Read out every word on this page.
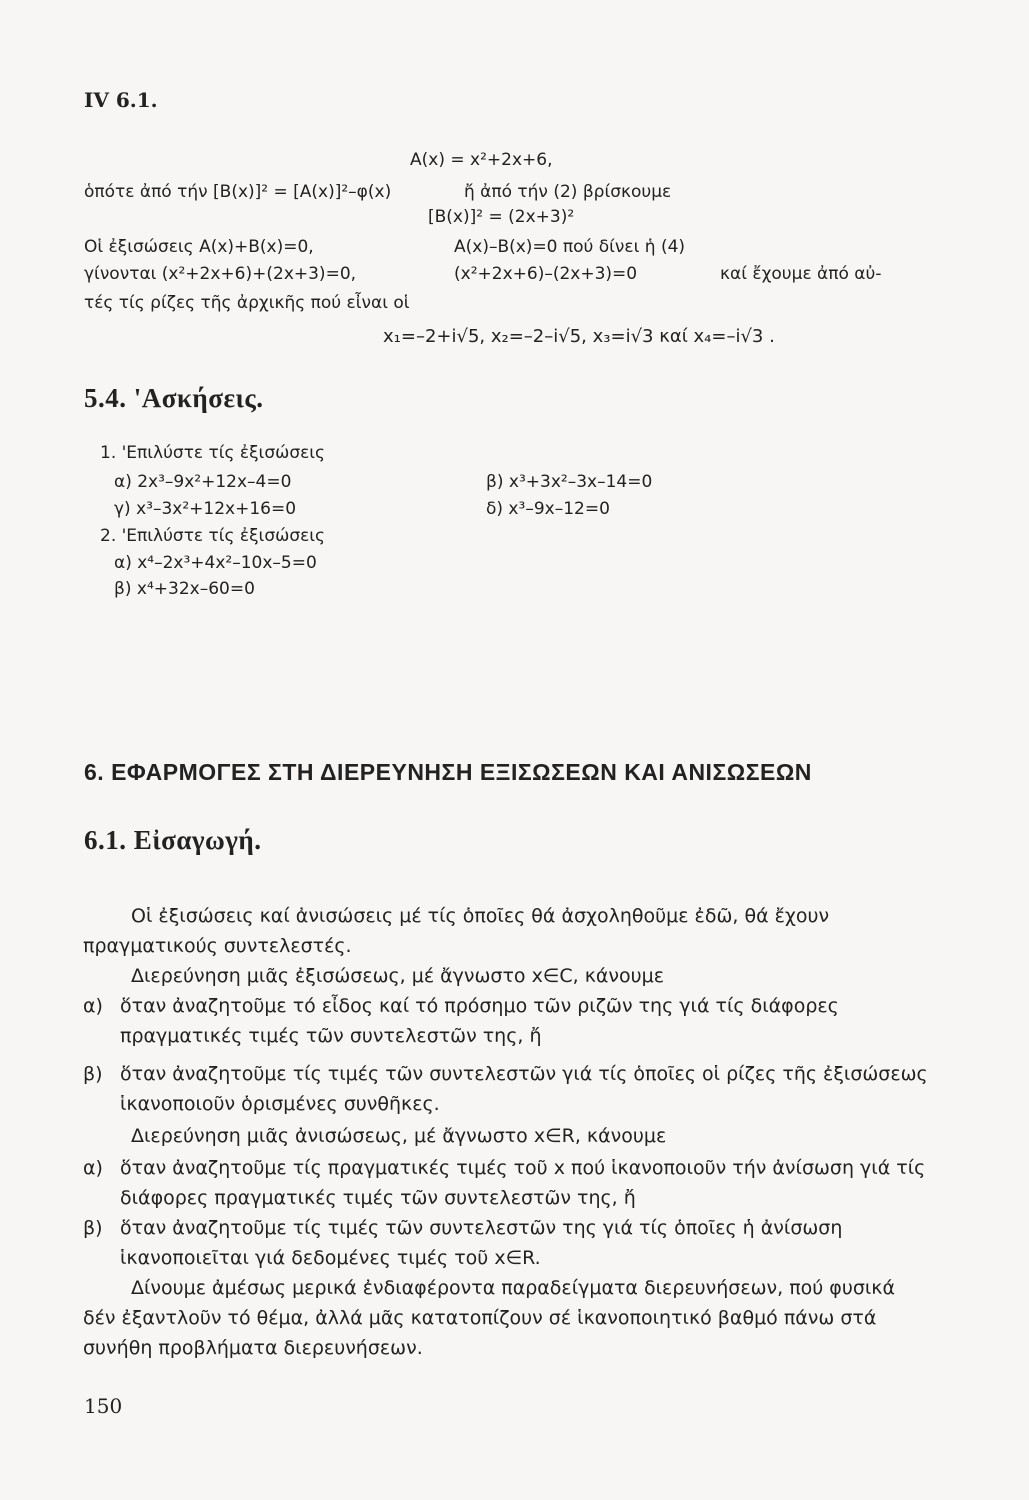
ΙV 6.1.
A(x) = x²+2x+6,
ὁπότε ἀπό τήν [B(x)]² = [A(x)]²–φ(x)	ἤ ἀπό τήν (2) βρίσκουμε
[B(x)]² = (2x+3)²
Οἱ ἐξισώσεις A(x)+B(x)=0,	A(x)–B(x)=0 πού δίνει ἡ (4)
γίνονται (x²+2x+6)+(2x+3)=0,	(x²+2x+6)–(2x+3)=0	καί ἔχουμε ἀπό αὐ-
τές τίς ρίζες τῆς ἀρχικῆς πού εἶναι οἱ
x₁=–2+i√5, x₂=–2–i√5, x₃=i√3 καί x₄=–i√3 .
5.4. 'Ασκήσεις.
1. 'Επιλύστε τίς ἐξισώσεις
α) 2x³–9x²+12x–4=0	β) x³+3x²–3x–14=0
γ) x³–3x²+12x+16=0	δ) x³–9x–12=0
2. 'Επιλύστε τίς ἐξισώσεις
α) x⁴–2x³+4x²–10x–5=0
β) x⁴+32x–60=0
6. ΕΦΑΡΜΟΓΕΣ ΣΤΗ ΔΙΕΡΕΥΝΗΣΗ ΕΞΙΣΩΣΕΩΝ ΚΑΙ ΑΝΙΣΩΣΕΩΝ
6.1. Εἰσαγωγή.
Οἱ ἐξισώσεις καί ἀνισώσεις μέ τίς ὁποῖες θά ἀσχοληθοῦμε ἐδῶ, θά ἔχουν πραγματικούς συντελεστές.
Διερεύνηση μιᾶς ἐξισώσεως, μέ ἄγνωστο x∈C, κάνουμε
α) ὅταν ἀναζητοῦμε τό εἶδος καί τό πρόσημο τῶν ριζῶν της γιά τίς διάφορες πραγματικές τιμές τῶν συντελεστῶν της, ἤ
β) ὅταν ἀναζητοῦμε τίς τιμές τῶν συντελεστῶν γιά τίς ὁποῖες οἱ ρίζες τῆς ἐξισώσεως ἱκανοποιοῦν ὁρισμένες συνθῆκες.
Διερεύνηση μιᾶς ἀνισώσεως, μέ ἄγνωστο x∈R, κάνουμε
α) ὅταν ἀναζητοῦμε τίς πραγματικές τιμές τοῦ x πού ἱκανοποιοῦν τήν ἀνίσωση γιά τίς διάφορες πραγματικές τιμές τῶν συντελεστῶν της, ἤ
β) ὅταν ἀναζητοῦμε τίς τιμές τῶν συντελεστῶν της γιά τίς ὁποῖες ἡ ἀνίσωση ἱκανοποιεῖται γιά δεδομένες τιμές τοῦ x∈R.
Δίνουμε ἀμέσως μερικά ἐνδιαφέροντα παραδείγματα διερευνήσεων, πού φυσικά δέν ἐξαντλοῦν τό θέμα, ἀλλά μᾶς κατατοπίζουν σέ ἱκανοποιητικό βαθμό πάνω στά συνήθη προβλήματα διερευνήσεων.
150
